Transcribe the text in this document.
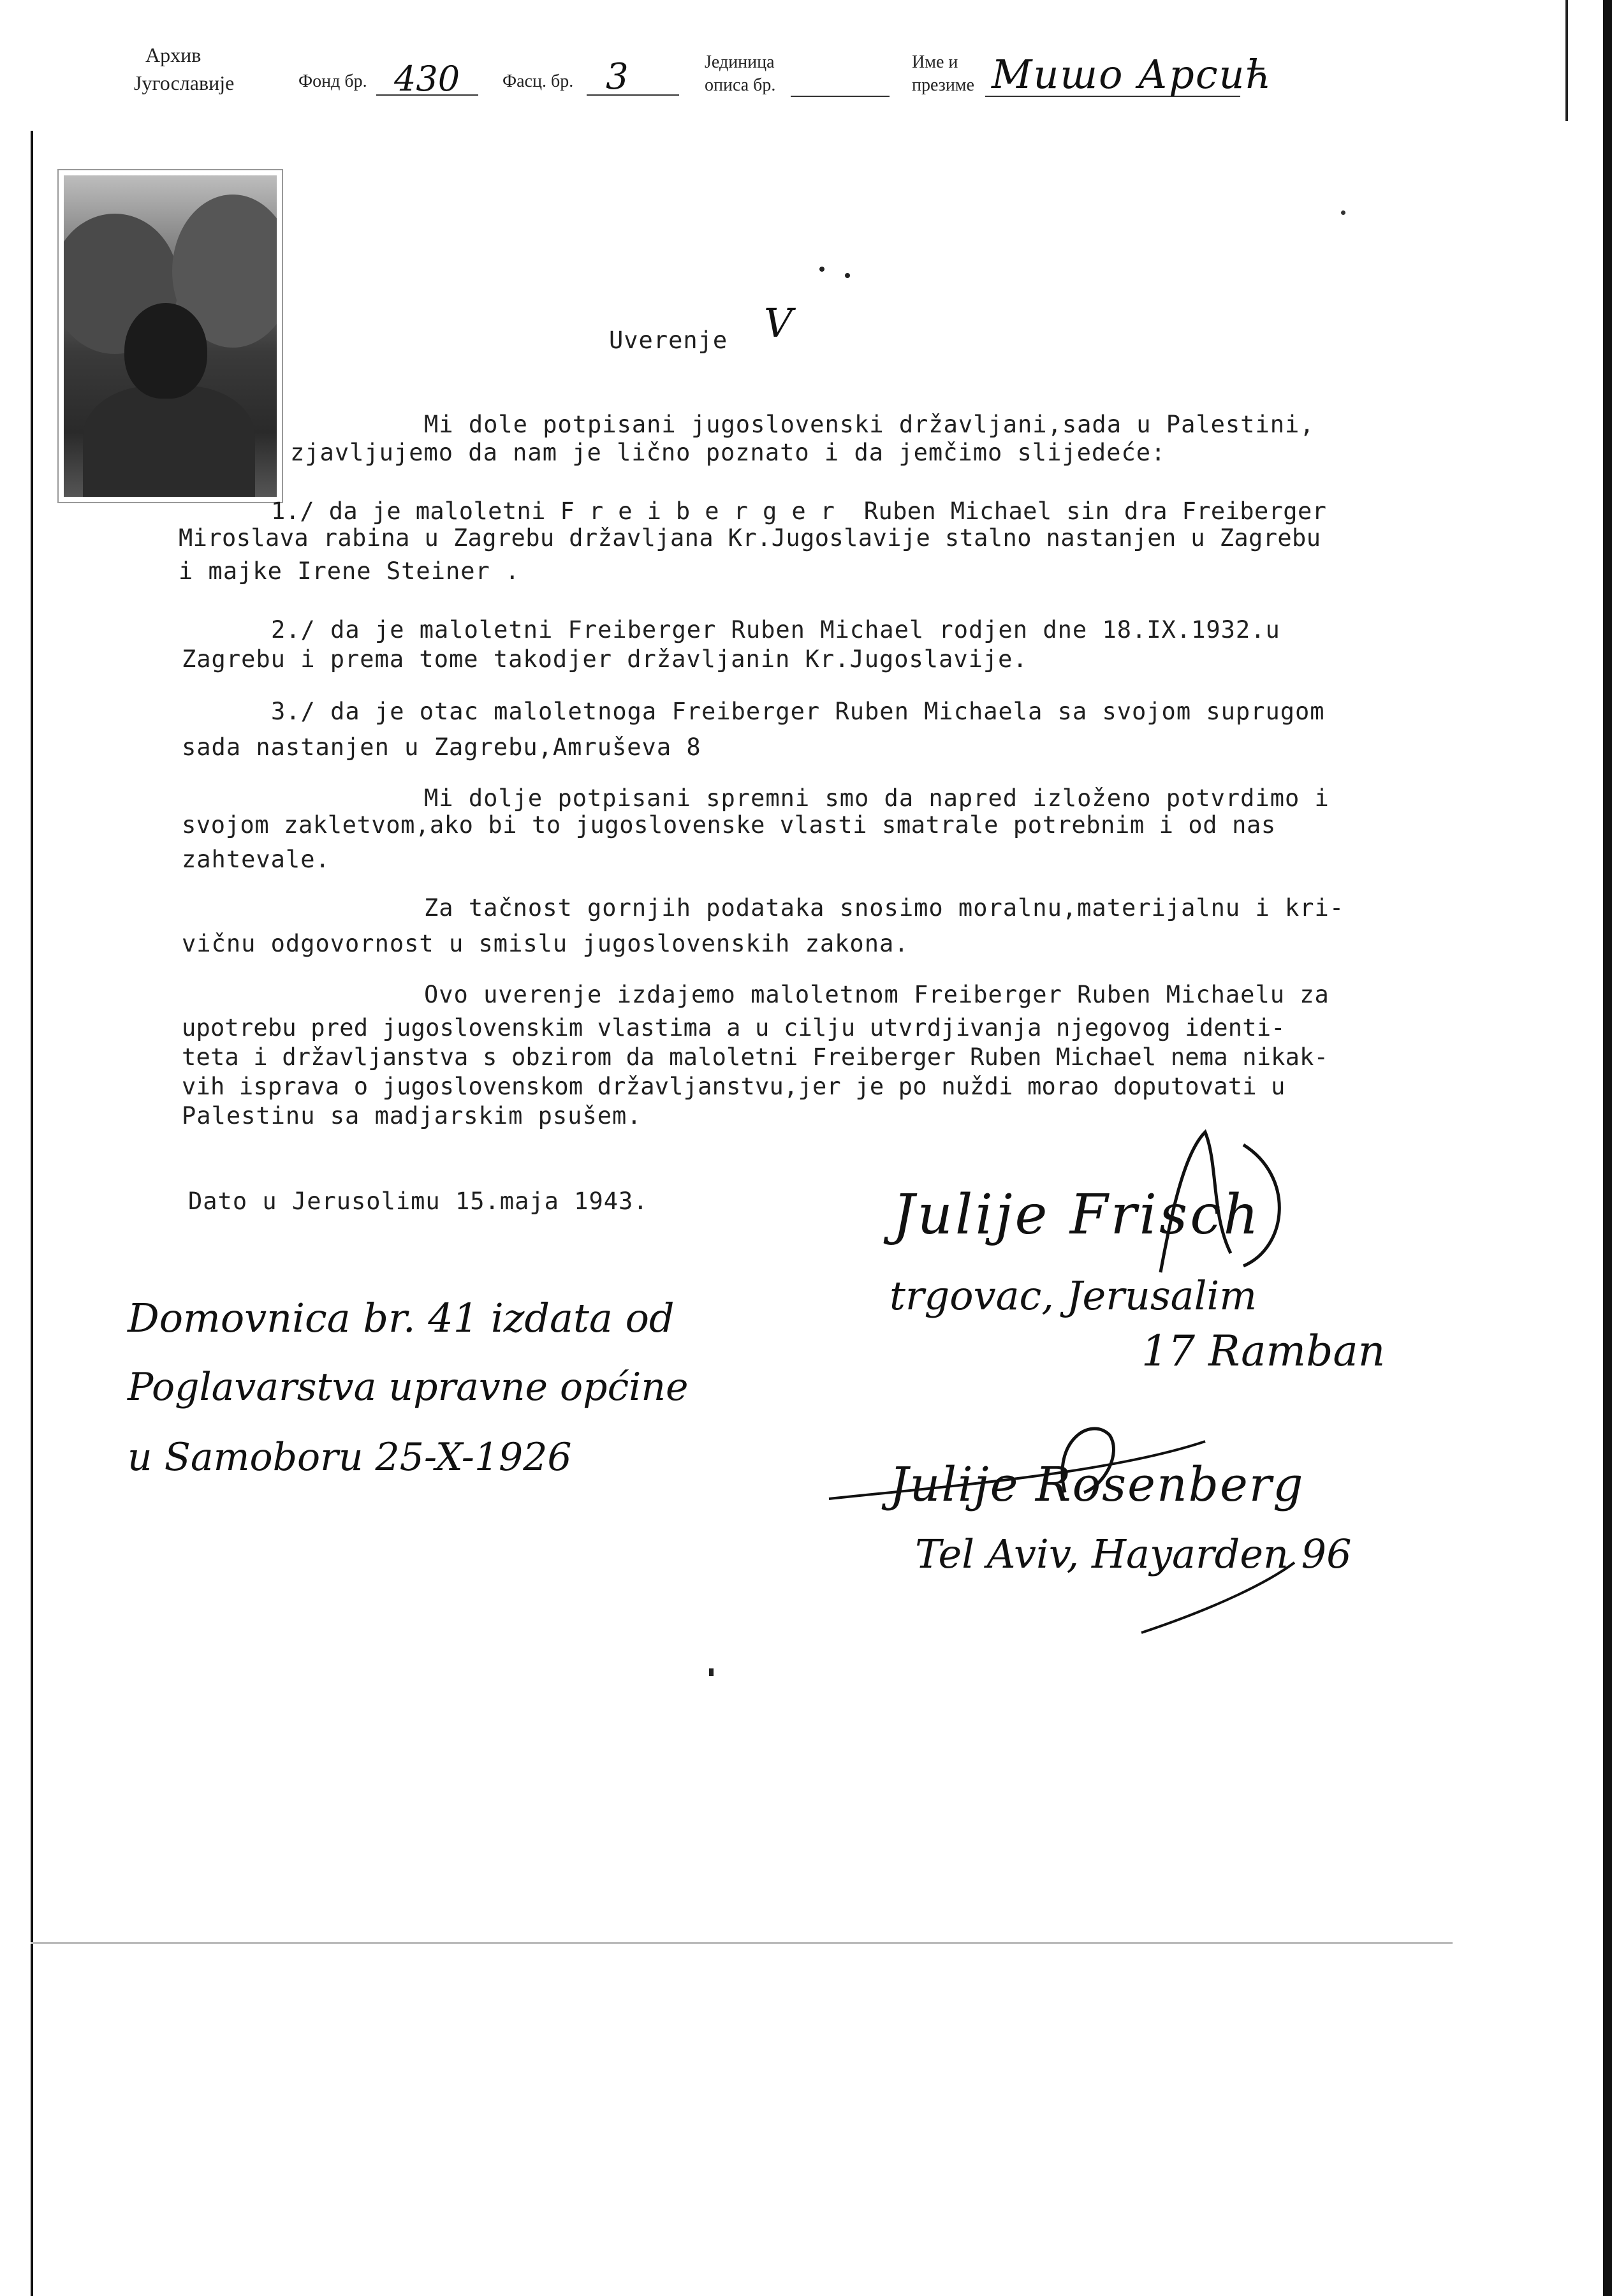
Архив
Југославије	Фонд бр. 430 Фасц. бр. 3	Јединица
описа бр.
Име и
презиме Мишо Арсић
Uverenje V
Mi dole potpisani jugoslovenski državljani,sada u Palestini,
zjavljujemo da nam je lično poznato i da jemčimo slijedeće:
1./ da je maloletni F r e i b e r g e r  Ruben Michael sin dra Freiberger
Miroslava rabina u Zagrebu državljana Kr.Jugoslavije stalno nastanjen u Zagrebu
i majke Irene Steiner .
2./ da je maloletni Freiberger Ruben Michael rodjen dne 18.IX.1932.u
Zagrebu i prema tome takodjer državljanin Kr.Jugoslavije.
3./ da je otac maloletnoga Freiberger Ruben Michaela sa svojom suprugom
sada nastanjen u Zagrebu,Amruševa 8
Mi dolje potpisani spremni smo da napred izloženo potvrdimo i
svojom zakletvom,ako bi to jugoslovenske vlasti smatrale potrebnim i od nas
zahtevale.
Za tačnost gornjih podataka snosimo moralnu,materijalnu i kri-
vičnu odgovornost u smislu jugoslovenskih zakona.
Ovo uverenje izdajemo maloletnom Freiberger Ruben Michaelu za
upotrebu pred jugoslovenskim vlastima a u cilju utvrdjivanja njegovog identi-
teta i državljanstva s obzirom da maloletni Freiberger Ruben Michael nema nikak-
vih isprava o jugoslovenskom državljanstvu,jer je po nuždi morao doputovati u
Palestinu sa madjarskim psušem.
Dato u Jerusolimu 15.maja 1943.
Domovnica br. 41 izdata od
Poglavarstva upravne općine
u Samoboru 25-X-1926
Julije Frisch
trgovac, Jerusalim
17 Ramban
Julije Rosenberg
Tel Aviv, Hayarden 96
